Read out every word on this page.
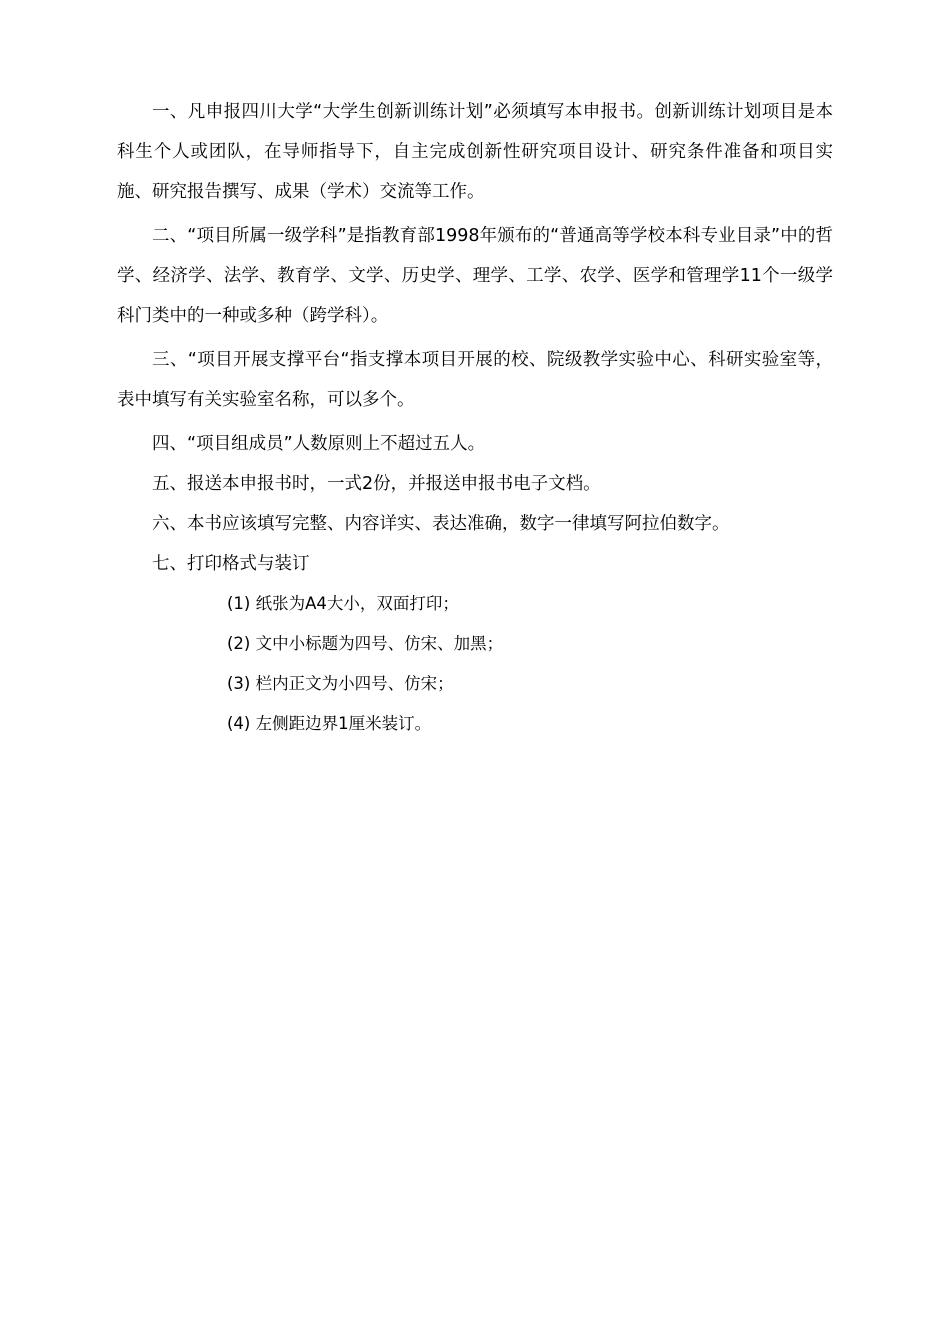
一、凡申报四川大学“大学生创新训练计划”必须填写本申报书。创新训练计划项目是本科生个人或团队，在导师指导下，自主完成创新性研究项目设计、研究条件准备和项目实施、研究报告撰写、成果（学术）交流等工作。

二、“项目所属一级学科”是指教育部1998年颁布的“普通高等学校本科专业目录”中的哲学、经济学、法学、教育学、文学、历史学、理学、工学、农学、医学和管理学11个一级学科门类中的一种或多种（跨学科）。

三、“项目开展支撑平台“指支撑本项目开展的校、院级教学实验中心、科研实验室等，表中填写有关实验室名称，可以多个。

四、“项目组成员”人数原则上不超过五人。

五、报送本申报书时，一式2份，并报送申报书电子文档。

六、本书应该填写完整、内容详实、表达准确，数字一律填写阿拉伯数字。

七、打印格式与装订

(1) 纸张为A4大小，双面打印；
(2) 文中小标题为四号、仿宋、加黑；
(3) 栏内正文为小四号、仿宋；
(4) 左侧距边界1厘米装订。
